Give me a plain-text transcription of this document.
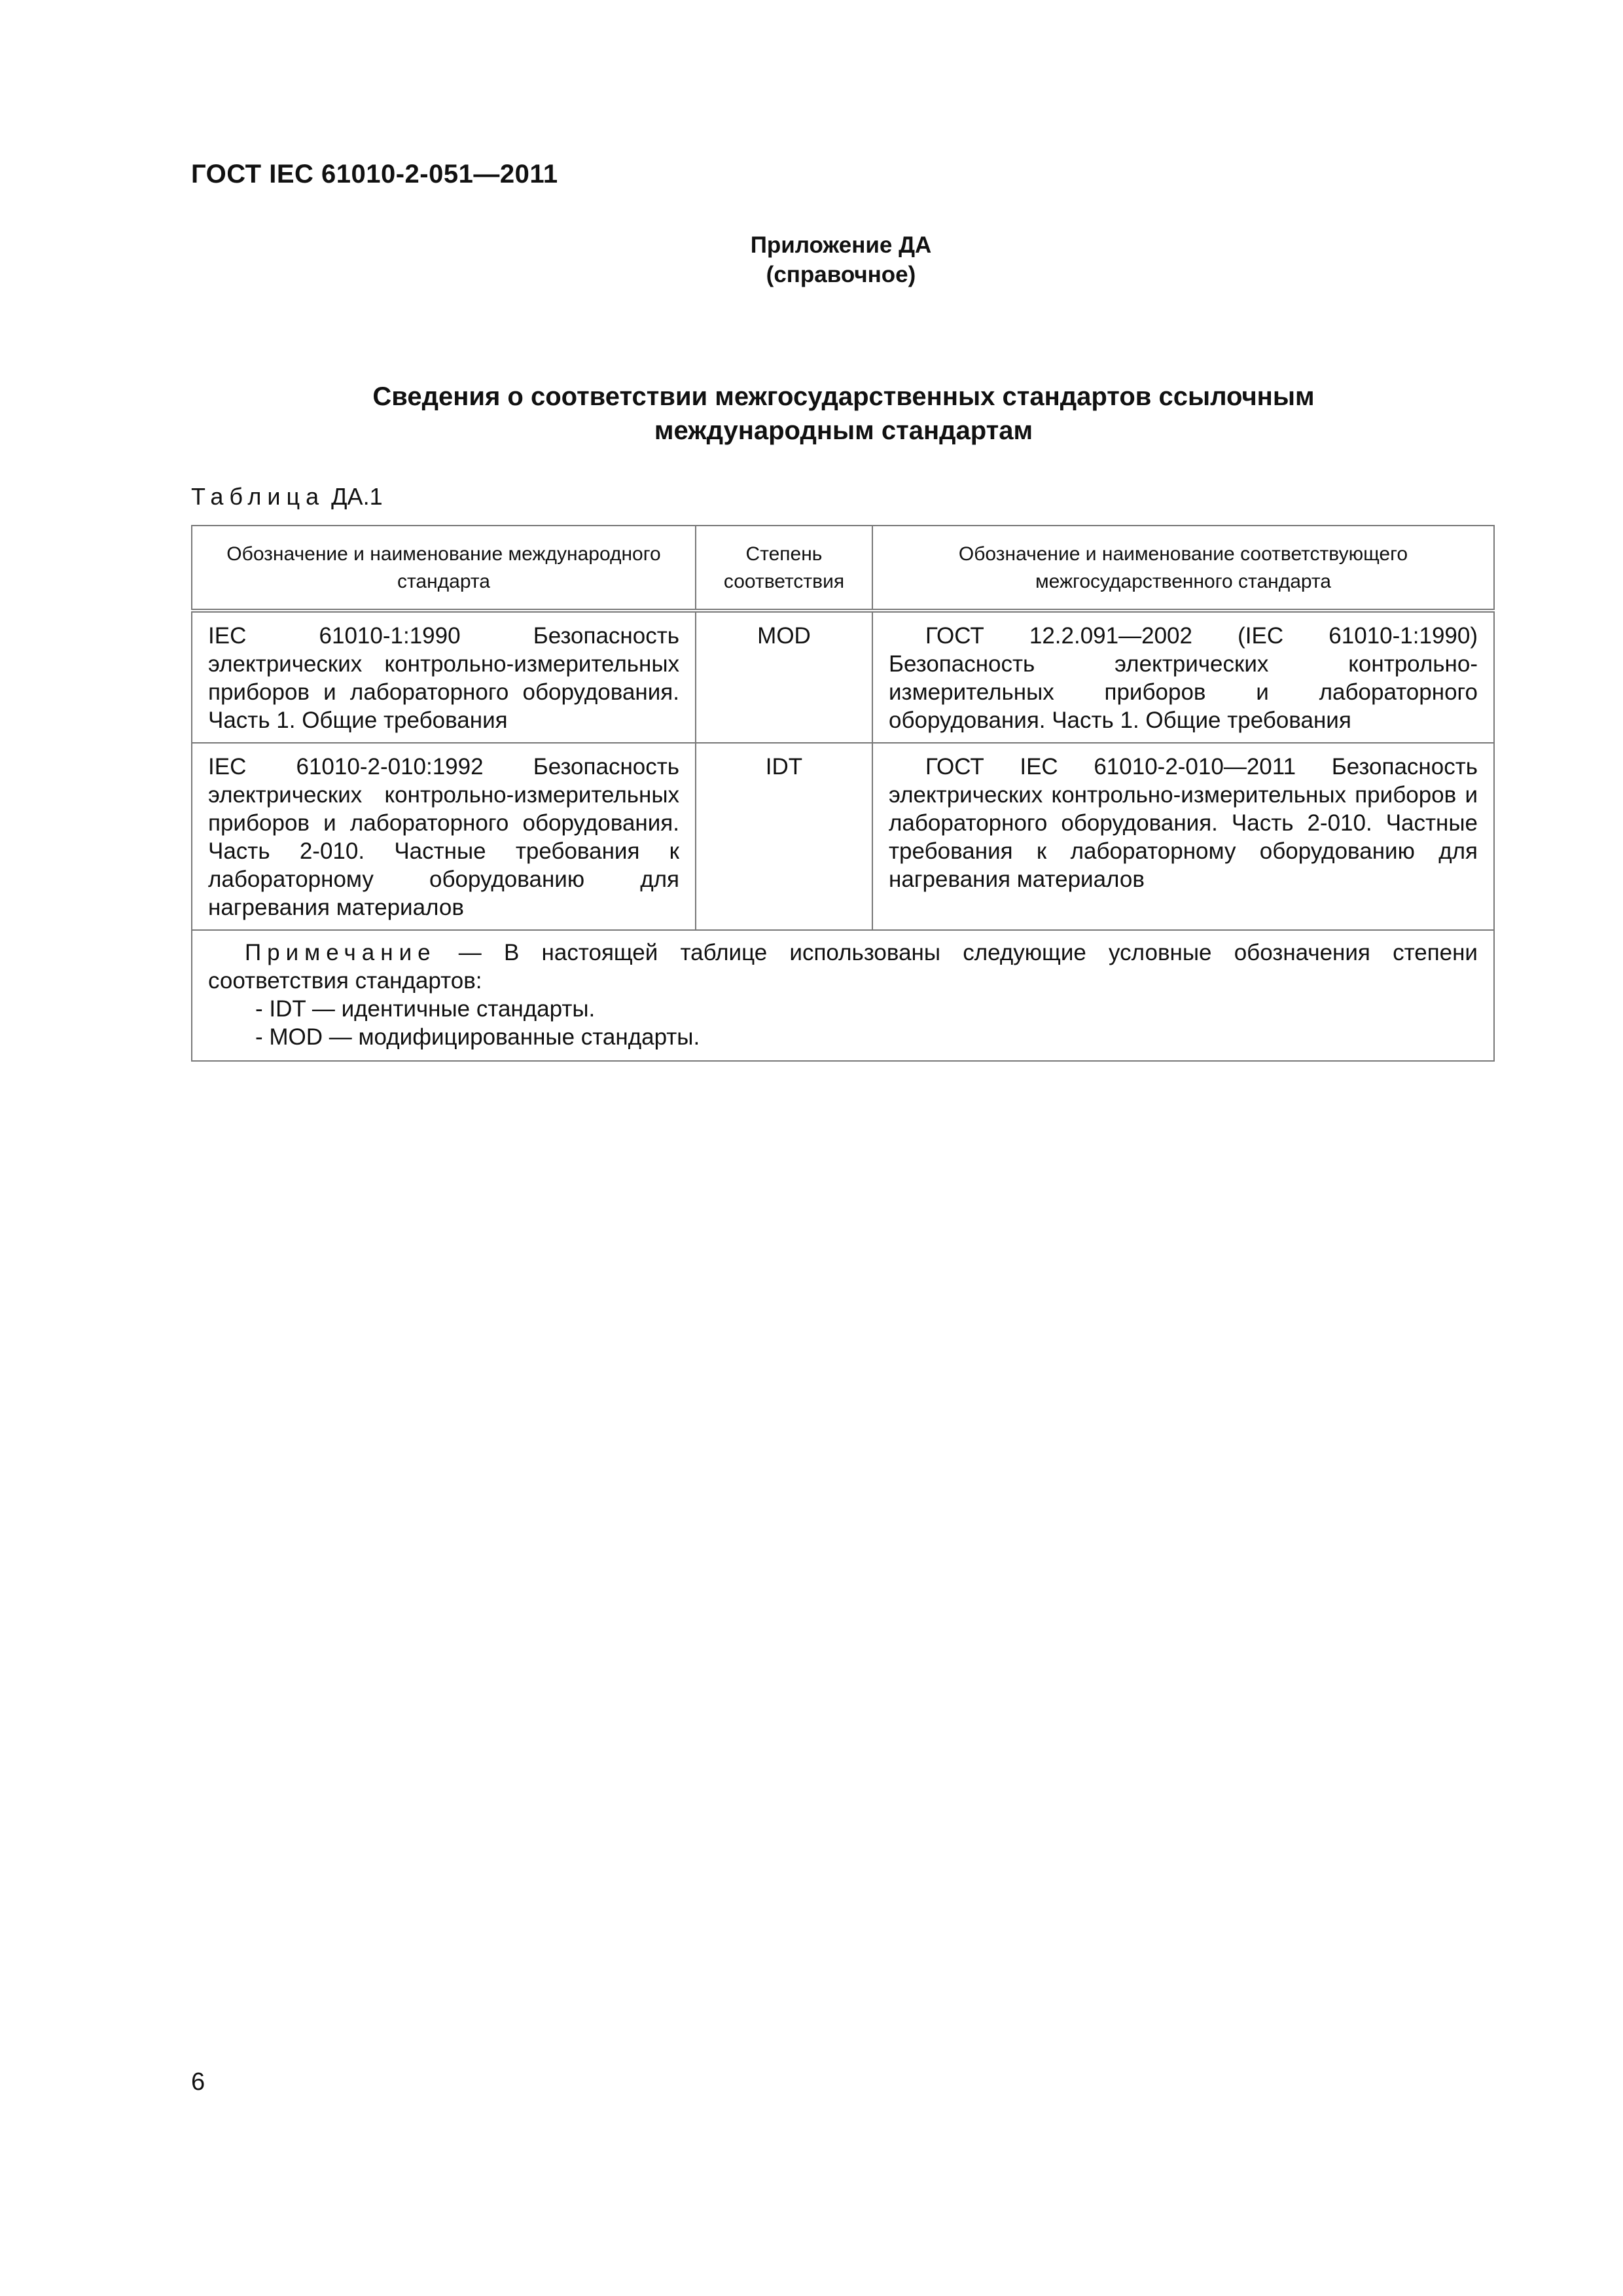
ГОСТ IEC 61010-2-051—2011
Приложение ДА
(справочное)
Сведения о соответствии межгосударственных стандартов ссылочным
международным стандартам
Таблица ДА.1
Обозначение и наименование международного стандарта	Степень соответствия	Обозначение и наименование соответствующего межгосударственного стандарта
IEC 61010-1:1990 Безопасность электрических контрольно-измерительных приборов и лабораторного оборудования. Часть 1. Общие требования	MOD	ГОСТ 12.2.091—2002 (IEC 61010-1:1990) Безопасность электрических контрольно-измерительных приборов и лабораторного оборудования. Часть 1. Общие требования
IEC 61010-2-010:1992 Безопасность электрических контрольно-измерительных приборов и лабораторного оборудования. Часть 2-010. Частные требования к лабораторному оборудованию для нагревания материалов	IDT	ГОСТ IEC 61010-2-010—2011 Безопасность электрических контрольно-измерительных приборов и лабораторного оборудования. Часть 2-010. Частные требования к лабораторному оборудованию для нагревания материалов

Примечание — В настоящей таблице использованы следующие условные обозначения степени соответствия стандартов:
- IDT — идентичные стандарты.
- MOD — модифицированные стандарты.		
6
